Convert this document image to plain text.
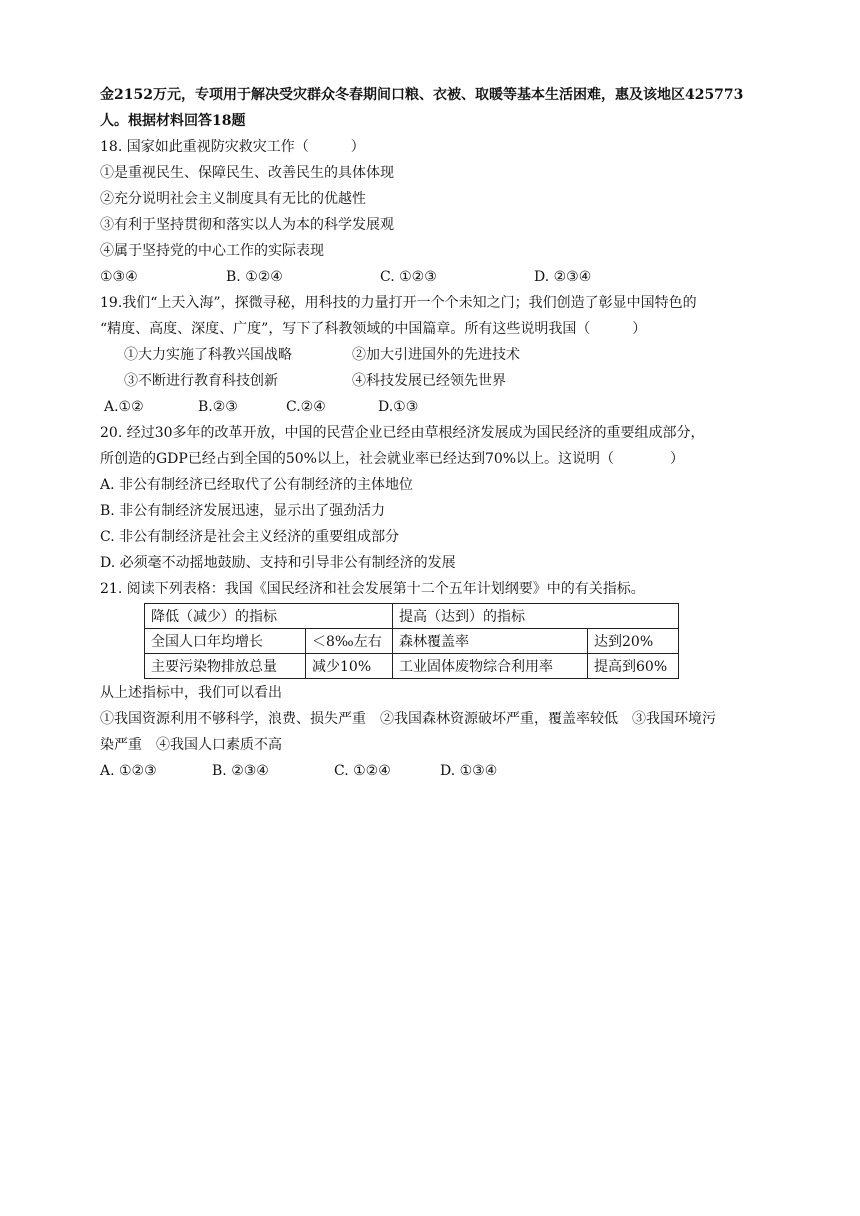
金2152万元，专项用于解决受灾群众冬春期间口粮、衣被、取暖等基本生活困难，惠及该地区425773
人。根据材料回答18题
18. 国家如此重视防灾救灾工作（　　　）
①是重视民生、保障民生、改善民生的具体体现
②充分说明社会主义制度具有无比的优越性
③有利于坚持贯彻和落实以人为本的科学发展观
④属于坚持党的中心工作的实际表现
①③④	B. ①②④	C. ①②③	D. ②③④
19.我们“上天入海”，探微寻秘，用科技的力量打开一个个未知之门；我们创造了彰显中国特色的
“精度、高度、深度、广度”，写下了科教领域的中国篇章。所有这些说明我国（　　　）
①大力实施了科教兴国战略	②加大引进国外的先进技术
③不断进行教育科技创新	④科技发展已经领先世界
A.①②	B.②③	C.②④	D.①③
20. 经过30多年的改革开放，中国的民营企业已经由草根经济发展成为国民经济的重要组成部分，
所创造的GDP已经占到全国的50%以上，社会就业率已经达到70%以上。这说明（　　　　）
A. 非公有制经济已经取代了公有制经济的主体地位
B. 非公有制经济发展迅速，显示出了强劲活力
C. 非公有制经济是社会主义经济的重要组成部分
D. 必须毫不动摇地鼓励、支持和引导非公有制经济的发展
21. 阅读下列表格：我国《国民经济和社会发展第十二个五年计划纲要》中的有关指标。
降低（减少）的指标		提高（达到）的指标	
全国人口年均增长	＜8‰左右	森林覆盖率	达到20%
主要污染物排放总量	减少10%	工业固体废物综合利用率	提高到60%
从上述指标中，我们可以看出
①我国资源利用不够科学，浪费、损失严重　②我国森林资源破坏严重，覆盖率较低　③我国环境污
染严重　④我国人口素质不高
A. ①②③	B. ②③④	C. ①②④	D. ①③④
